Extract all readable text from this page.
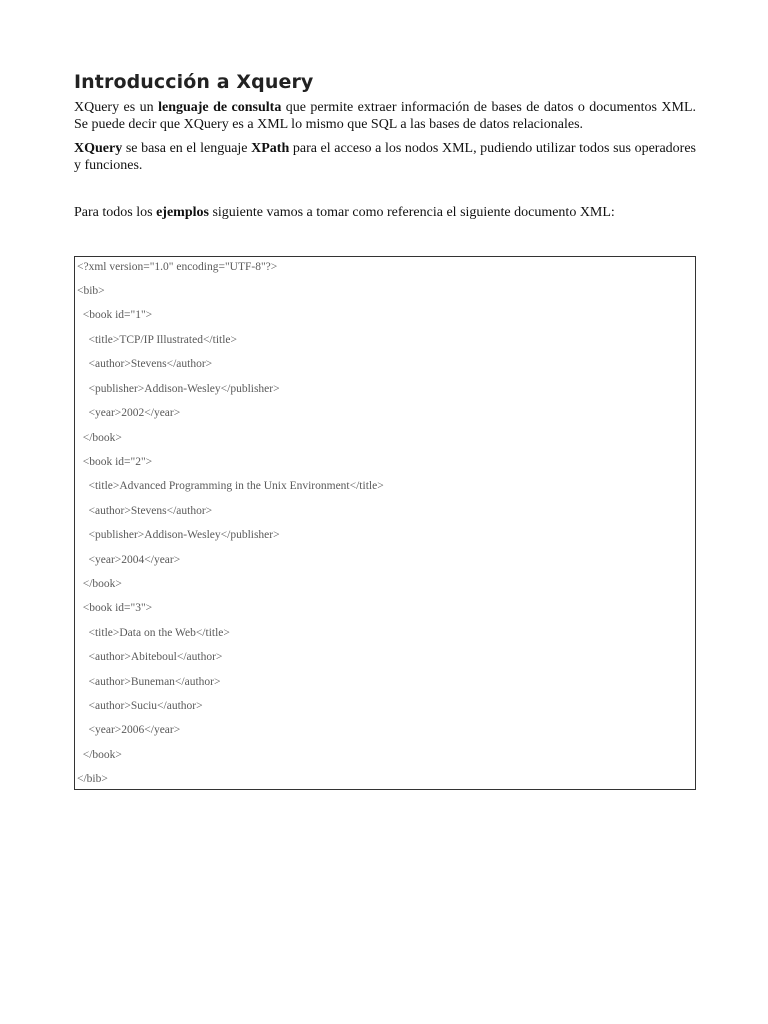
Introducción a Xquery

XQuery es un lenguaje de consulta que permite extraer información de bases de datos o documentos XML. Se puede decir que XQuery es a XML lo mismo que SQL a las bases de datos relacionales.

XQuery se basa en el lenguaje XPath para el acceso a los nodos XML, pudiendo utilizar todos sus operadores y funciones.

Para todos los ejemplos siguiente vamos a tomar como referencia el siguiente documento XML:

<?xml version="1.0" encoding="UTF-8"?>
<bib>
<book id="1">
<title>TCP/IP Illustrated</title>
<author>Stevens</author>
<publisher>Addison-Wesley</publisher>
<year>2002</year>
</book>
<book id="2">
<title>Advanced Programming in the Unix Environment</title>
<author>Stevens</author>
<publisher>Addison-Wesley</publisher>
<year>2004</year>
</book>
<book id="3">
<title>Data on the Web</title>
<author>Abiteboul</author>
<author>Buneman</author>
<author>Suciu</author>
<year>2006</year>
</book>
</bib>
